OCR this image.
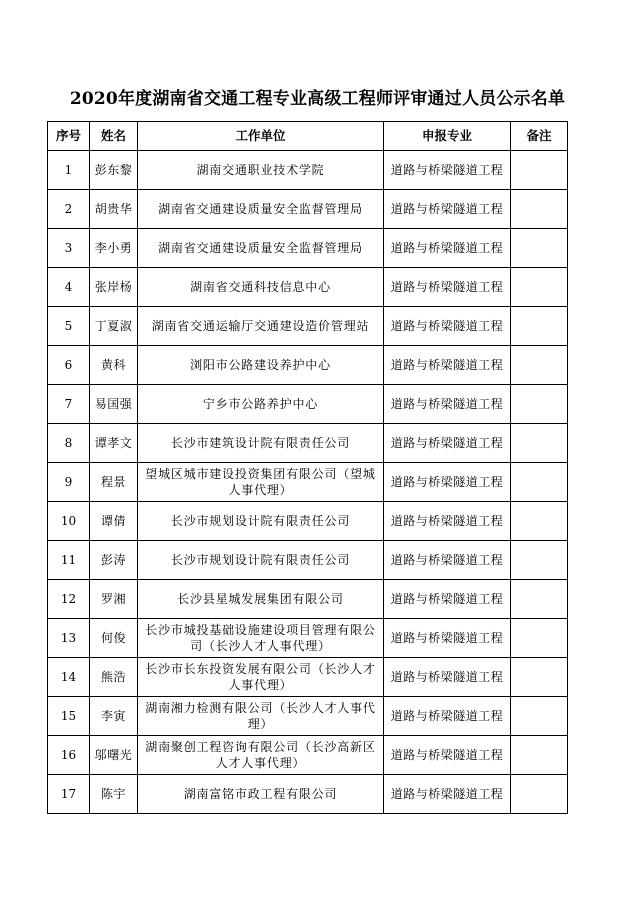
2020年度湖南省交通工程专业高级工程师评审通过人员公示名单
序号	姓名	工作单位	申报专业	备注
1	彭东黎	湖南交通职业技术学院	道路与桥梁隧道工程	
2	胡贵华	湖南省交通建设质量安全监督管理局	道路与桥梁隧道工程	
3	李小勇	湖南省交通建设质量安全监督管理局	道路与桥梁隧道工程	
4	张岸杨	湖南省交通科技信息中心	道路与桥梁隧道工程	
5	丁夏淑	湖南省交通运输厅交通建设造价管理站	道路与桥梁隧道工程	
6	黄科	浏阳市公路建设养护中心	道路与桥梁隧道工程	
7	易国强	宁乡市公路养护中心	道路与桥梁隧道工程	
8	谭孝文	长沙市建筑设计院有限责任公司	道路与桥梁隧道工程	
9	程景	望城区城市建设投资集团有限公司（望城人事代理）	道路与桥梁隧道工程	
10	谭倩	长沙市规划设计院有限责任公司	道路与桥梁隧道工程	
11	彭涛	长沙市规划设计院有限责任公司	道路与桥梁隧道工程	
12	罗湘	长沙县星城发展集团有限公司	道路与桥梁隧道工程	
13	何俊	长沙市城投基础设施建设项目管理有限公司（长沙人才人事代理）	道路与桥梁隧道工程	
14	熊浩	长沙市长东投资发展有限公司（长沙人才人事代理）	道路与桥梁隧道工程	
15	李寅	湖南湘力检测有限公司（长沙人才人事代理）	道路与桥梁隧道工程	
16	邬曙光	湖南聚创工程咨询有限公司（长沙高新区人才人事代理）	道路与桥梁隧道工程	
17	陈宇	湖南富铭市政工程有限公司	道路与桥梁隧道工程	
